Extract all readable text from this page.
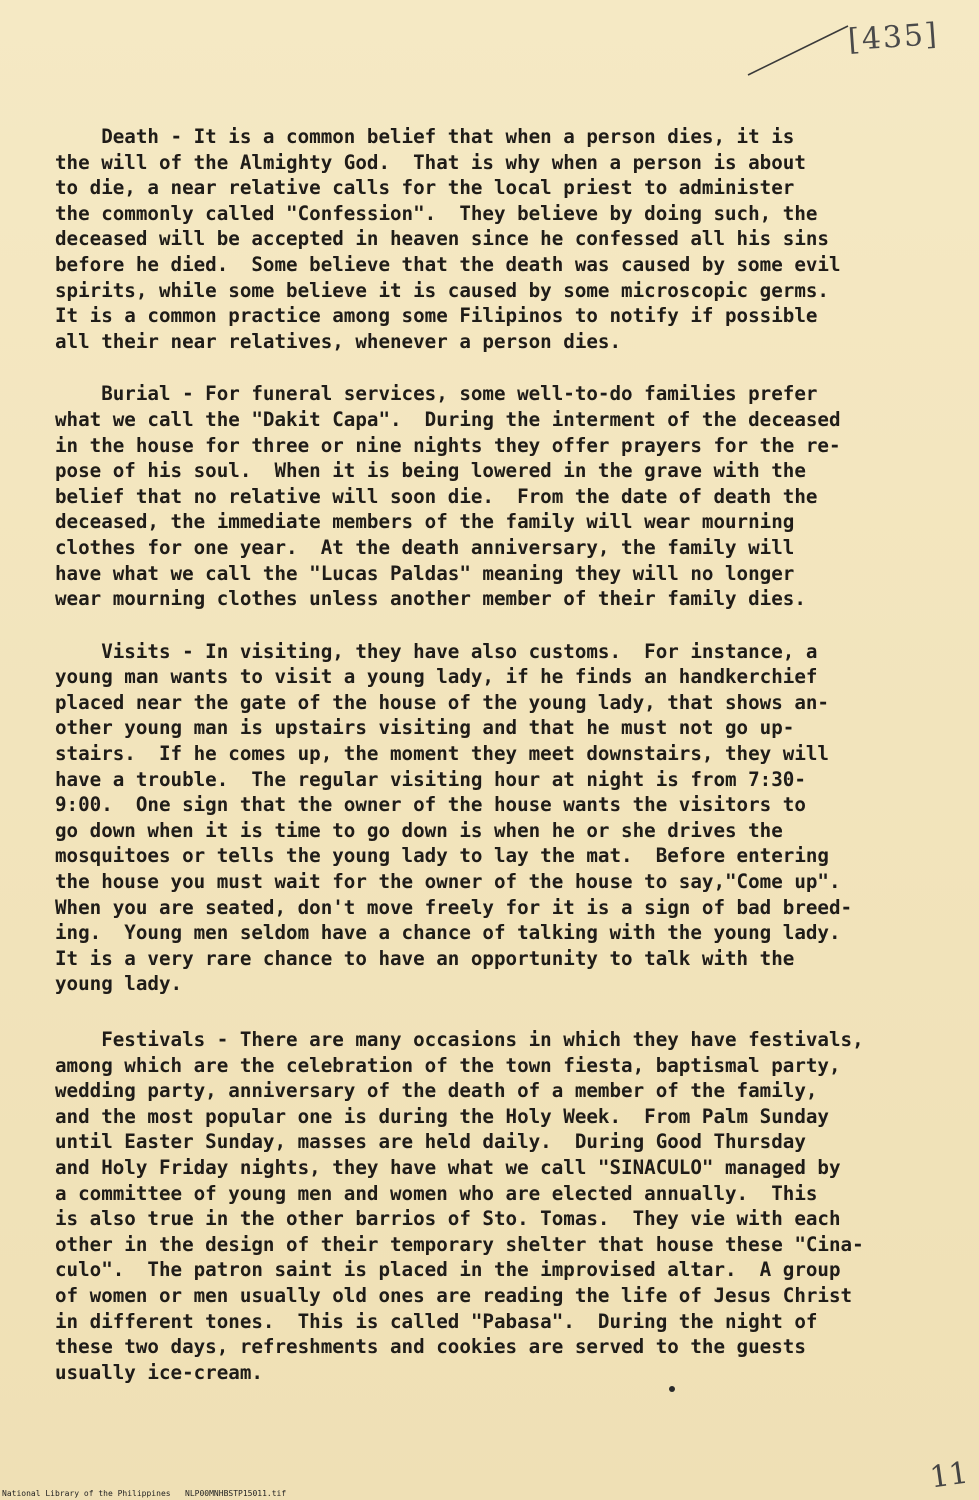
[435]

Death - It is a common belief that when a person dies, it is
the will of the Almighty God.  That is why when a person is about
to die, a near relative calls for the local priest to administer
the commonly called "Confession".  They believe by doing such, the
deceased will be accepted in heaven since he confessed all his sins
before he died.  Some believe that the death was caused by some evil
spirits, while some believe it is caused by some microscopic germs.
It is a common practice among some Filipinos to notify if possible
all their near relatives, whenever a person dies.

Burial - For funeral services, some well-to-do families prefer
what we call the "Dakit Capa".  During the interment of the deceased
in the house for three or nine nights they offer prayers for the re-
pose of his soul.  When it is being lowered in the grave with the
belief that no relative will soon die.  From the date of death the
deceased, the immediate members of the family will wear mourning
clothes for one year.  At the death anniversary, the family will
have what we call the "Lucas Paldas" meaning they will no longer
wear mourning clothes unless another member of their family dies.

Visits - In visiting, they have also customs.  For instance, a
young man wants to visit a young lady, if he finds an handkerchief
placed near the gate of the house of the young lady, that shows an-
other young man is upstairs visiting and that he must not go up-
stairs.  If he comes up, the moment they meet downstairs, they will
have a trouble.  The regular visiting hour at night is from 7:30-
9:00.  One sign that the owner of the house wants the visitors to
go down when it is time to go down is when he or she drives the
mosquitoes or tells the young lady to lay the mat.  Before entering
the house you must wait for the owner of the house to say,"Come up".
When you are seated, don't move freely for it is a sign of bad breed-
ing.  Young men seldom have a chance of talking with the young lady.
It is a very rare chance to have an opportunity to talk with the
young lady.

Festivals - There are many occasions in which they have festivals,
among which are the celebration of the town fiesta, baptismal party,
wedding party, anniversary of the death of a member of the family,
and the most popular one is during the Holy Week.  From Palm Sunday
until Easter Sunday, masses are held daily.  During Good Thursday
and Holy Friday nights, they have what we call "SINACULO" managed by
a committee of young men and women who are elected annually.  This
is also true in the other barrios of Sto. Tomas.  They vie with each
other in the design of their temporary shelter that house these "Cina-
culo".  The patron saint is placed in the improvised altar.  A group
of women or men usually old ones are reading the life of Jesus Christ
in different tones.  This is called "Pabasa".  During the night of
these two days, refreshments and cookies are served to the guests
usually ice-cream.

National Library of the Philippines NLP00MNHBSTP15011.tif	11
